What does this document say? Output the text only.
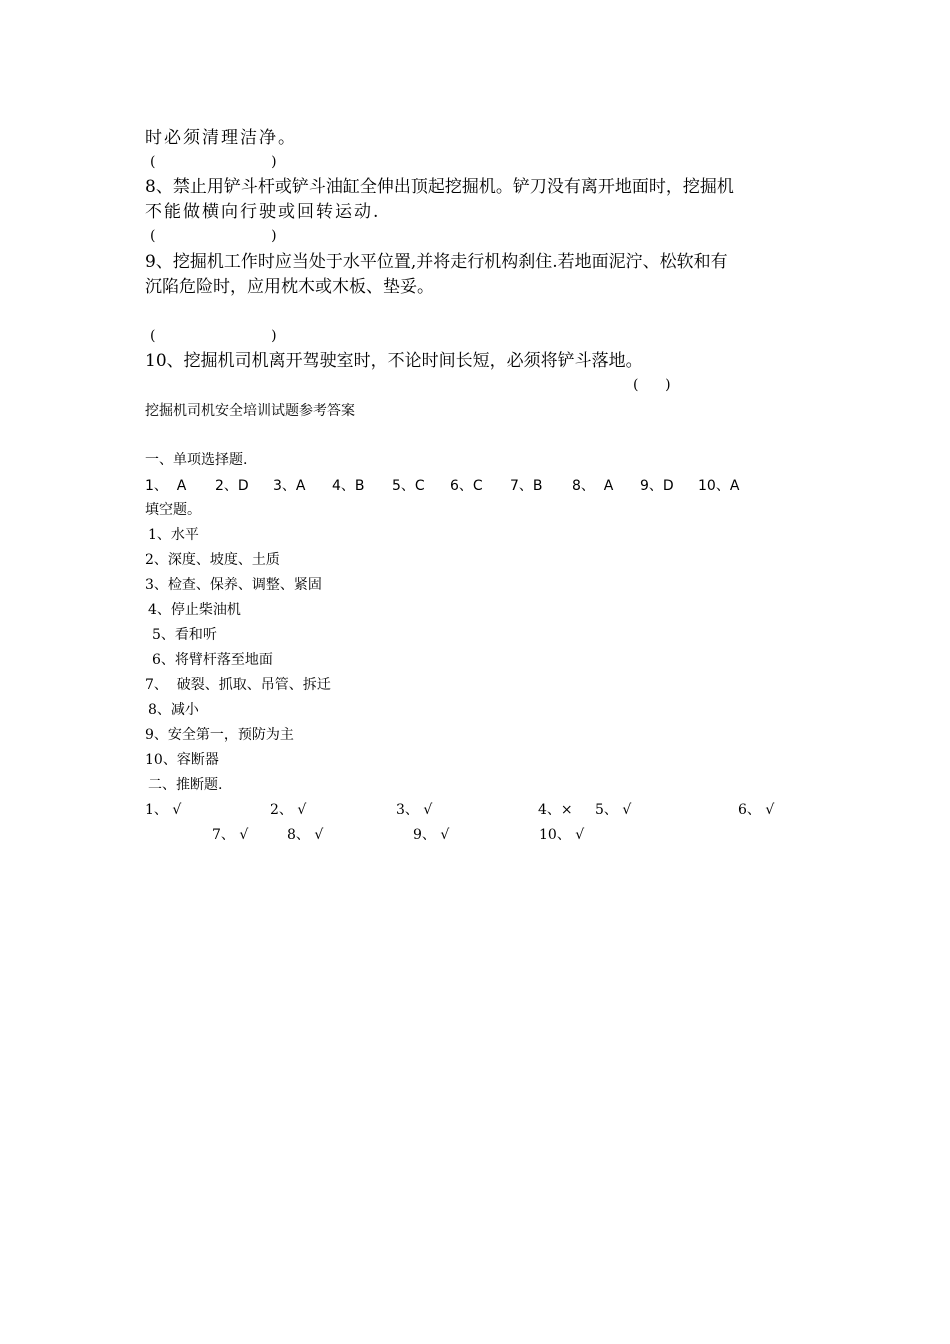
时必须清理洁净。
(                          )
8、禁止用铲斗杆或铲斗油缸全伸出顶起挖掘机。铲刀没有离开地面时，挖掘机
不能做横向行驶或回转运动.
(                          )
9、挖掘机工作时应当处于水平位置,并将走行机构刹住.若地面泥泞、松软和有
沉陷危险时，应用枕木或木板、垫妥。
(                          )
10、挖掘机司机离开驾驶室时，不论时间长短，必须将铲斗落地。
(      )
挖掘机司机安全培训试题参考答案
一、单项选择题.
1、  A 2、D 3、A 4、B 5、C 6、C 7、B 8、  A 9、D 10、A
填空题。
1、水平
2、深度、坡度、土质
3、检查、保养、调整、紧固
4、停止柴油机
5、看和听
6、将臂杆落至地面
7、  破裂、抓取、吊管、拆迁
8、减小
9、安全第一，预防为主
10、容断器
二、推断题.
1、 √	2、 √	3、 √	4、× 5、 √	6、 √
7、 √	8、 √	9、 √	10、 √
